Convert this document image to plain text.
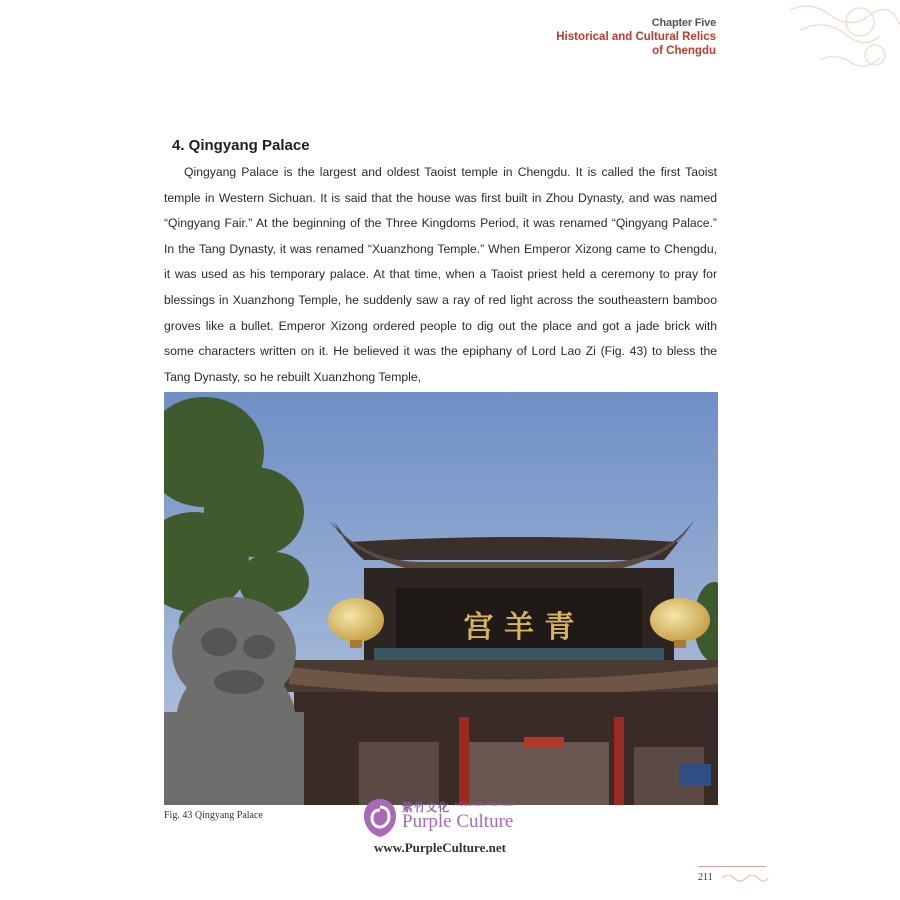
Chapter Five
Historical and Cultural Relics
of Chengdu
4. Qingyang Palace

Qingyang Palace is the largest and oldest Taoist temple in Chengdu. It is called the first Taoist temple in Western Sichuan. It is said that the house was first built in Zhou Dynasty, and was named “Qingyang Fair.” At the beginning of the Three Kingdoms Period, it was renamed “Qingyang Palace.” In the Tang Dynasty, it was renamed “Xuanzhong Temple.” When Emperor Xizong came to Chengdu, it was used as his temporary palace. At that time, when a Taoist priest held a ceremony to pray for blessings in Xuanzhong Temple, he suddenly saw a ray of red light across the southeastern bamboo groves like a bullet. Emperor Xizong ordered people to dig out the place and got a jade brick with some characters written on it. He believed it was the epiphany of Lord Lao Zi (Fig. 43) to bless the Tang Dynasty, so he rebuilt Xuanzhong Temple,

宫 羊 青
Fig. 43 Qingyang Palace
紫竹文化 A China Within Your Reach
Purple Culture
www.PurpleCulture.net
211
